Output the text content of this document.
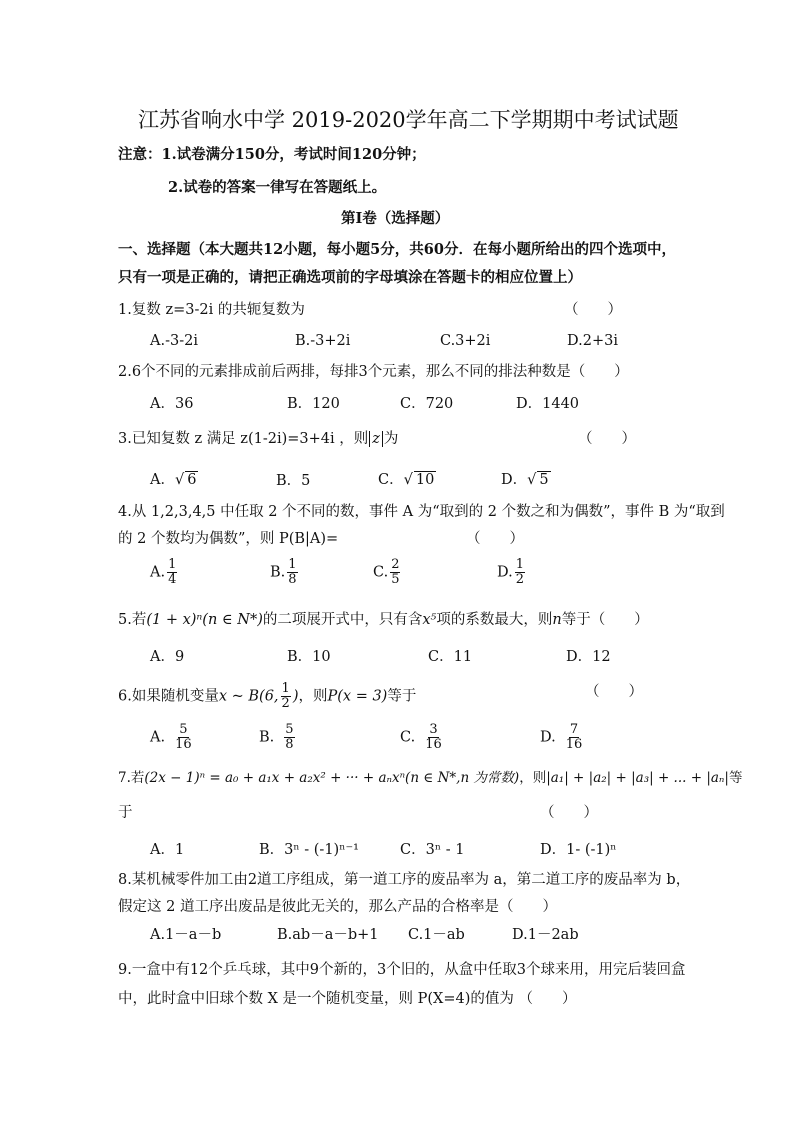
江苏省响水中学 2019-2020学年高二下学期期中考试试题
注意：1.试卷满分150分，考试时间120分钟；
2.试卷的答案一律写在答题纸上。
第Ⅰ卷（选择题）
一、选择题（本大题共12小题，每小题5分，共60分．在每小题所给出的四个选项中，
只有一项是正确的，请把正确选项前的字母填涂在答题卡的相应位置上）
1.复数 z=3-2i 的共轭复数为	（　　）
A.-3-2i	B.-3+2i	C.3+2i	D.2+3i
2.6个不同的元素排成前后两排，每排3个元素，那么不同的排法种数是（　　）
A．36	B．120	C．720	D．1440
3.已知复数 z 满足 z(1-2i)=3+4i ，则 z 为	（　　）
A．√ 6	B．5	C．√ 10	D．√ 5
4.从 1,2,3,4,5 中任取 2 个不同的数，事件 A 为“取到的 2 个数之和为偶数”，事件 B 为“取到
的 2 个数均为偶数”，则 P(B|A)=	（　　）
A. $\frac{1}{4}$	B. $\frac{1}{8}$	C. $\frac{2}{5}$	D. $\frac{1}{2}$
5.若(1 + x)ⁿ(n ∈ N*)的二项展开式中，只有含x⁵项的系数最大，则n等于（　　）
A．9	B．10	C．11	D．12
6.如果随机变量x ~ B(6, $\frac{1}{2}$ )，则P(x = 3)等于	（　　）
A. $\frac{5}{16}$	B. $\frac{5}{8}$	C. $\frac{3}{16}$	D. $\frac{7}{16}$
7.若(2x − 1)ⁿ = a₀ + a₁x + a₂x² + ··· + aₙxⁿ(n ∈ N*,n 为常数)，则|a₁| + |a₂| + |a₃| + ... + |aₙ|等
于	（　　）
A．1	B．3ⁿ - (-1)ⁿ⁻¹	C．3ⁿ - 1	D．1- (-1)ⁿ
8.某机械零件加工由2道工序组成，第一道工序的废品率为 a，第二道工序的废品率为 b，
假定这 2 道工序出废品是彼此无关的，那么产品的合格率是（　　）
A.1－a－b	B.ab－a－b+1 C.1－ab	D.1－2ab
9.一盒中有12个乒乓球，其中9个新的，3个旧的，从盒中任取3个球来用，用完后装回盒
中，此时盒中旧球个数 X 是一个随机变量，则 P(X=4)的值为 （　　）
